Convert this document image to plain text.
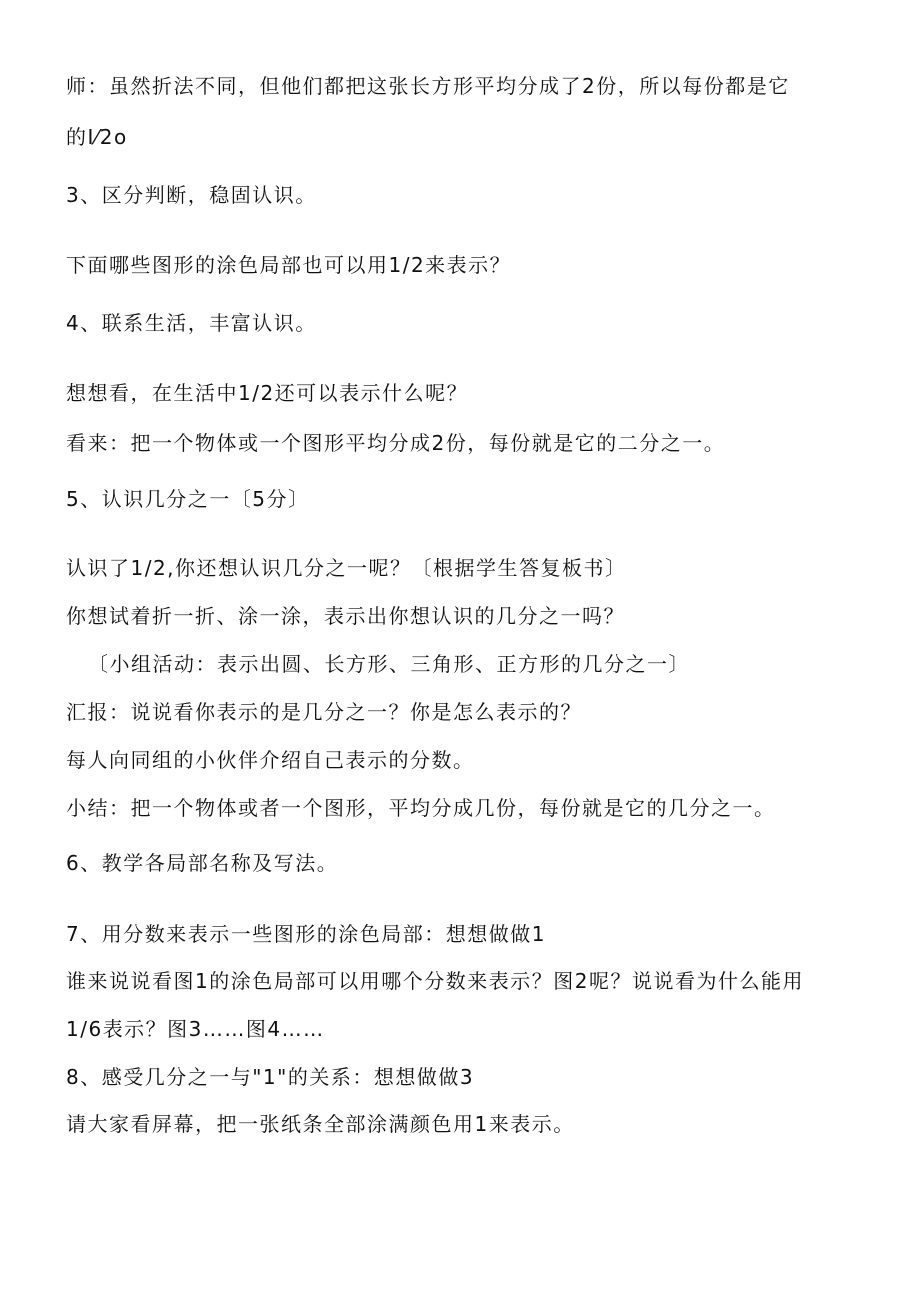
师：虽然折法不同，但他们都把这张长方形平均分成了2份，所以每份都是它
的I⁄2o
3、区分判断，稳固认识。
下面哪些图形的涂色局部也可以用1/2来表示？
4、联系生活，丰富认识。
想想看，在生活中1/2还可以表示什么呢？
看来：把一个物体或一个图形平均分成2份，每份就是它的二分之一。
5、认识几分之一〔5分〕
认识了1/2,你还想认识几分之一呢？〔根据学生答复板书〕
你想试着折一折、涂一涂，表示出你想认识的几分之一吗？
〔小组活动：表示出圆、长方形、三角形、正方形的几分之一〕
汇报：说说看你表示的是几分之一？你是怎么表示的？
每人向同组的小伙伴介绍自己表示的分数。
小结：把一个物体或者一个图形，平均分成几份，每份就是它的几分之一。
6、教学各局部名称及写法。
7、用分数来表示一些图形的涂色局部：想想做做1
谁来说说看图1的涂色局部可以用哪个分数来表示？图2呢？说说看为什么能用
1/6表示？图3……图4……
8、感受几分之一与"1"的关系：想想做做3
请大家看屏幕，把一张纸条全部涂满颜色用1来表示。
